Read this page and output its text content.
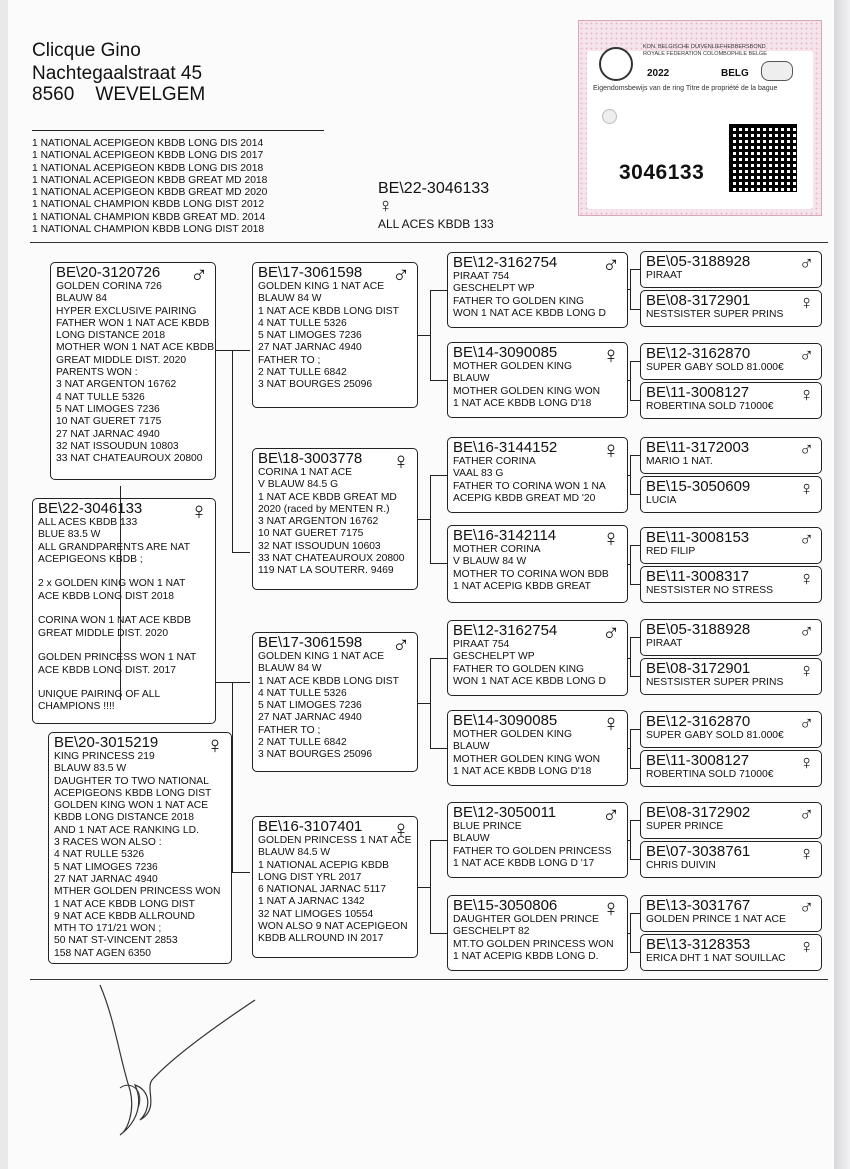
Clicque Gino
Nachtegaalstraat 45
8560    WEVELGEM
1 NATIONAL ACEPIGEON KBDB LONG DIS 2014
1 NATIONAL ACEPIGEON KBDB LONG DIS 2017
1 NATIONAL ACEPIGEON KBDB LONG DIS 2018
1 NATIONAL ACEPIGEON KBDB GREAT MD 2018
1 NATIONAL ACEPIGEON KBDB GREAT MD 2020
1 NATIONAL CHAMPION KBDB LONG DIST 2012
1 NATIONAL CHAMPION KBDB GREAT MD. 2014
1 NATIONAL CHAMPION KBDB LONG DIST 2018
BE\22-3046133
♀
ALL ACES KBDB 133
KON. BELGISCHE DUIVENLIEFHEBBERSBOND
ROYALE FEDERATION COLOMBOPHILE BELGE
2022	BELG
Eigendomsbewijs van de ring Titre de propriété de la bague
3046133
BE\22-3046133	♀
ALL ACES KBDB 133
BLUE 83.5 W
ALL GRANDPARENTS ARE NAT
ACEPIGEONS KBDB ;

2 x GOLDEN KING WON 1 NAT
ACE KBDB LONG DIST 2018

CORINA WON 1 NAT ACE KBDB
GREAT MIDDLE DIST. 2020

GOLDEN PRINCESS WON 1 NAT
ACE KBDB LONG DIST. 2017

UNIQUE PAIRING OF ALL
CHAMPIONS !!!!
BE\20-3120726	♂
GOLDEN CORINA 726
BLAUW 84
HYPER EXCLUSIVE PAIRING
FATHER WON 1 NAT ACE KBDB
LONG DISTANCE 2018
MOTHER WON 1 NAT ACE KBDB
GREAT MIDDLE DIST. 2020
PARENTS WON :
3 NAT ARGENTON 16762
4 NAT TULLE 5326
5 NAT LIMOGES 7236
10 NAT GUERET 7175
27 NAT JARNAC 4940
32 NAT ISSOUDUN 10803
33 NAT CHATEAUROUX 20800
BE\20-3015219	♀
KING PRINCESS 219
BLAUW 83.5 W
DAUGHTER TO TWO NATIONAL
ACEPIGEONS KBDB LONG DIST
GOLDEN KING WON 1 NAT ACE
KBDB LONG DISTANCE 2018
AND 1 NAT ACE RANKING LD.
3 RACES WON ALSO :
4 NAT RULLE 5326
5 NAT LIMOGES 7236
27 NAT JARNAC 4940
MTHER GOLDEN PRINCESS WON
1 NAT ACE KBDB LONG DIST
9 NAT ACE KBDB ALLROUND
MTH TO 171/21 WON ;
50 NAT ST-VINCENT 2853
158 NAT AGEN 6350
BE\17-3061598	♂
GOLDEN KING 1 NAT ACE
BLAUW 84 W
1 NAT ACE KBDB LONG DIST
4 NAT TULLE 5326
5 NAT LIMOGES 7236
27 NAT JARNAC 4940
FATHER TO ;
2 NAT TULLE 6842
3 NAT BOURGES 25096
BE\18-3003778	♀
CORINA 1 NAT ACE
V BLAUW 84.5 G
1 NAT ACE KBDB GREAT MD
2020 (raced by MENTEN R.)
3 NAT ARGENTON 16762
10 NAT GUERET 7175
32 NAT ISSOUDUN 10603
33 NAT CHATEAUROUX 20800
119 NAT LA SOUTERR. 9469
BE\17-3061598	♂
GOLDEN KING 1 NAT ACE
BLAUW 84 W
1 NAT ACE KBDB LONG DIST
4 NAT TULLE 5326
5 NAT LIMOGES 7236
27 NAT JARNAC 4940
FATHER TO ;
2 NAT TULLE 6842
3 NAT BOURGES 25096
BE\16-3107401	♀
GOLDEN PRINCESS 1 NAT ACE
BLAUW 84.5 W
1 NATIONAL ACEPIG KBDB
LONG DIST YRL 2017
6 NATIONAL JARNAC 5117
1 NAT A JARNAC 1342
32 NAT LIMOGES 10554
WON ALSO 9 NAT ACEPIGEON
KBDB ALLROUND IN 2017
BE\12-3162754	♂
PIRAAT 754
GESCHELPT WP
FATHER TO GOLDEN KING
WON 1 NAT ACE KBDB LONG D
BE\14-3090085	♀
MOTHER GOLDEN KING
BLAUW
MOTHER GOLDEN KING WON
1 NAT ACE KBDB LONG D'18
BE\16-3144152	♀
FATHER CORINA
VAAL 83 G
FATHER TO CORINA WON 1 NA
ACEPIG KBDB GREAT MD '20
BE\16-3142114	♀
MOTHER CORINA
V BLAUW 84 W
MOTHER TO CORINA WON BDB
1 NAT ACEPIG KBDB GREAT
BE\12-3162754	♂
PIRAAT 754
GESCHELPT WP
FATHER TO GOLDEN KING
WON 1 NAT ACE KBDB LONG D
BE\14-3090085	♀
MOTHER GOLDEN KING
BLAUW
MOTHER GOLDEN KING WON
1 NAT ACE KBDB LONG D'18
BE\12-3050011	♂
BLUE PRINCE
BLAUW
FATHER TO GOLDEN PRINCESS
1 NAT ACE KBDB LONG D '17
BE\15-3050806	♀
DAUGHTER GOLDEN PRINCE
GESCHELPT 82
MT.TO GOLDEN PRINCESS WON
1 NAT ACEPIG KBDB LONG D.
BE\05-3188928	♂
PIRAAT
BE\08-3172901	♀
NESTSISTER SUPER PRINS
BE\12-3162870	♂
SUPER GABY SOLD 81.000€
BE\11-3008127	♀
ROBERTINA SOLD 71000€
BE\11-3172003	♂
MARIO 1 NAT.
BE\15-3050609	♀
LUCIA
BE\11-3008153	♂
RED FILIP
BE\11-3008317	♀
NESTSISTER NO STRESS
BE\05-3188928	♂
PIRAAT
BE\08-3172901	♀
NESTSISTER SUPER PRINS
BE\12-3162870	♂
SUPER GABY SOLD 81.000€
BE\11-3008127	♀
ROBERTINA SOLD 71000€
BE\08-3172902	♂
SUPER PRINCE
BE\07-3038761	♀
CHRIS DUIVIN
BE\13-3031767	♂
GOLDEN PRINCE 1 NAT ACE
BE\13-3128353	♀
ERICA DHT 1 NAT SOUILLAC
